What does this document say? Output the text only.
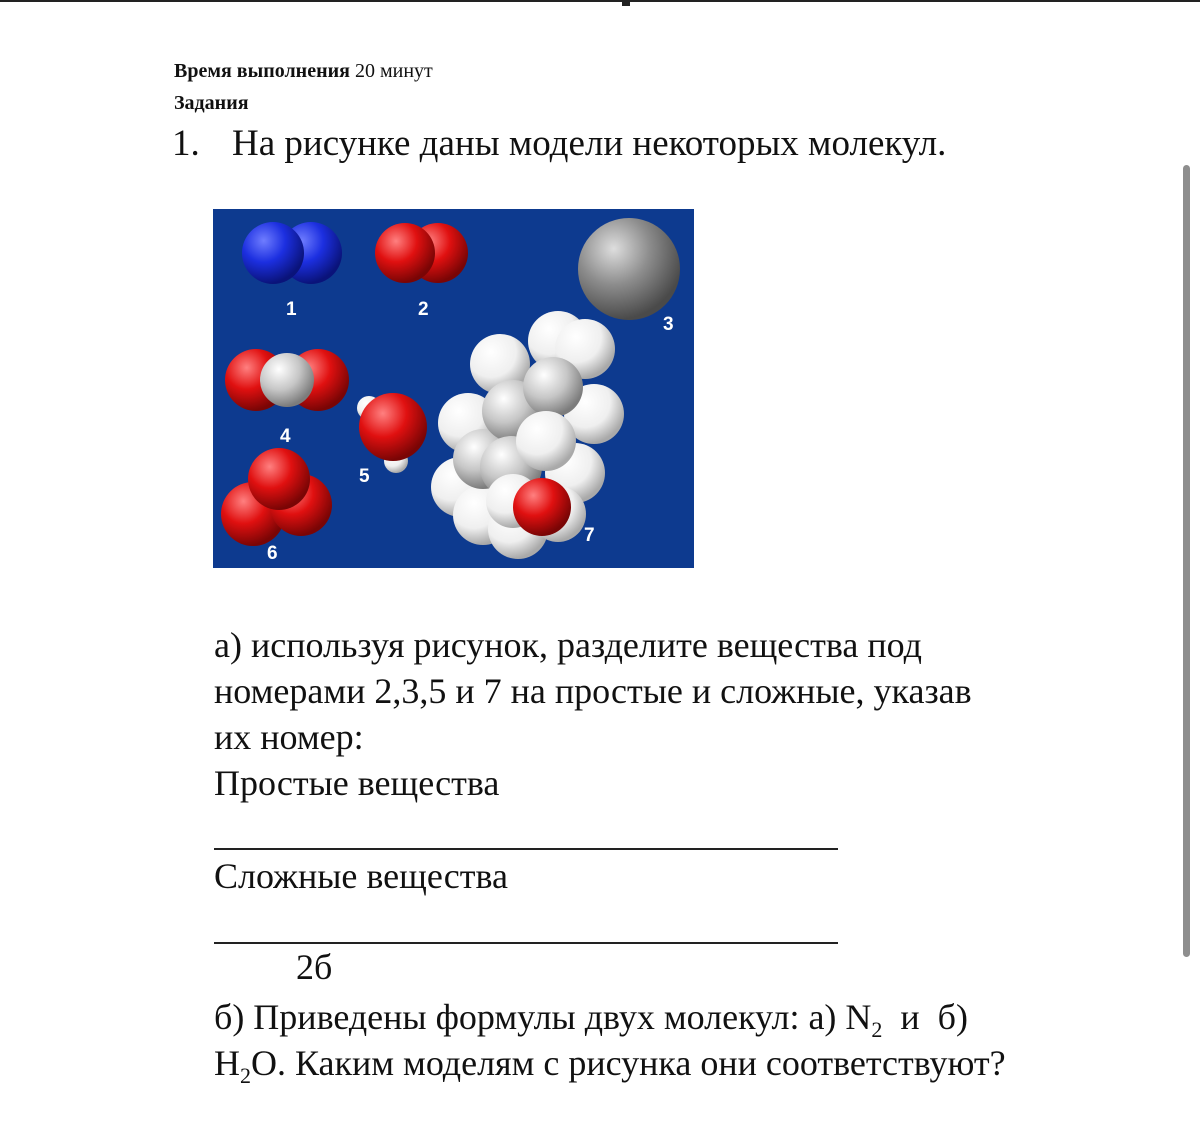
Время выполнения 20 минут
Задания
1. На рисунке даны модели некоторых молекул.
1	2
3
4
5
6
7
а) используя рисунок, разделите вещества под
номерами 2,3,5 и 7 на простые и сложные, указав
их номер:
Простые вещества
Сложные вещества
2б
б) Приведены формулы двух молекул: а) $N_2$  и  б)
$H_2O$. Каким моделям с рисунка они соответствуют?
